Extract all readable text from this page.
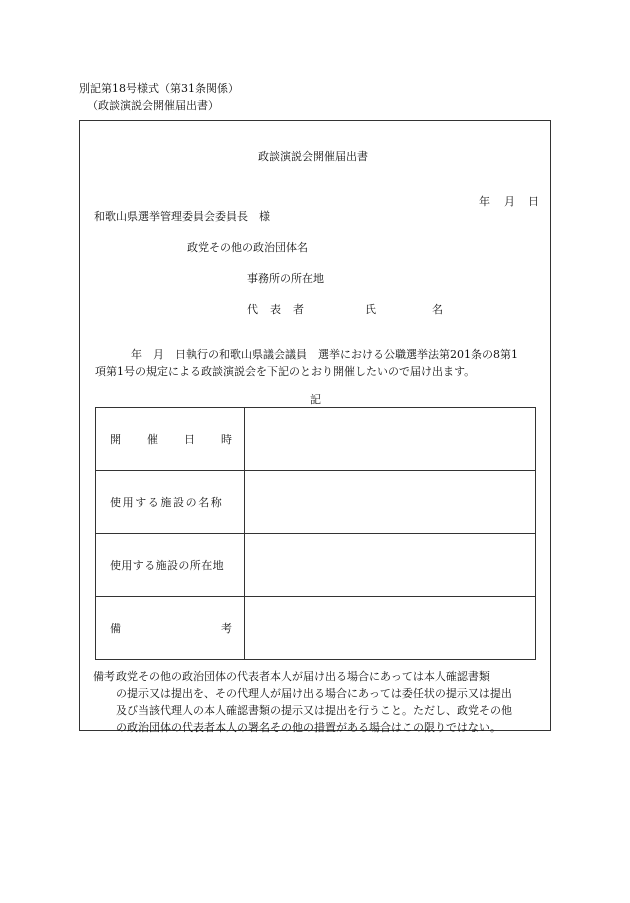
別記第18号様式（第31条関係）
（政談演説会開催届出書）
政談演説会開催届出書
年 月 日
和歌山県選挙管理委員会委員長　様
政党その他の政治団体名
事務所の所在地
代 表 者	氏	名
年　月　日執行の和歌山県議会議員　選挙における公職選挙法第201条の8第1
項第1号の規定による政談演説会を下記のとおり開催したいので届け出ます。
記
開 催 日 時	

使用する施設の名称	

使用する施設の所在地	

備 考	

備考 政党その他の政治団体の代表者本人が届け出る場合にあっては本人確認書類
の提示又は提出を、その代理人が届け出る場合にあっては委任状の提示又は提出
及び当該代理人の本人確認書類の提示又は提出を行うこと。ただし、政党その他
の政治団体の代表者本人の署名その他の措置がある場合はこの限りではない。
